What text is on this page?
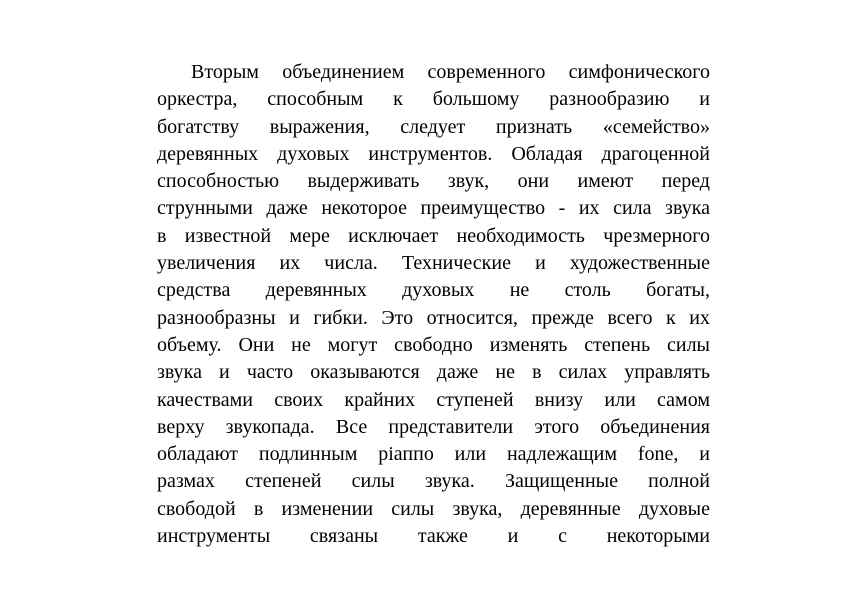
Вторым объединением современного симфонического
оркестра, способным к большому разнообразию и
богатству выражения, следует признать «семейство»
деревянных духовых инструментов. Обладая драгоценной
способностью выдерживать звук, они имеют перед
струнными даже некоторое преимущество - их сила звука
в известной мере исключает необходимость чрезмерного
увеличения их числа. Технические и художественные
средства деревянных духовых не столь богаты,
разнообразны и гибки. Это относится, прежде всего к их
объему. Они не могут свободно изменять степень силы
звука и часто оказываются даже не в силах управлять
качествами своих крайних ступеней внизу или самом
верху звукопада. Все представители этого объединения
обладают подлинным piаппо или надлежащим fone, и
размах степеней силы звука. Защищенные полной
свободой в изменении силы звука, деревянные духовые
инструменты связаны также и с некоторыми
